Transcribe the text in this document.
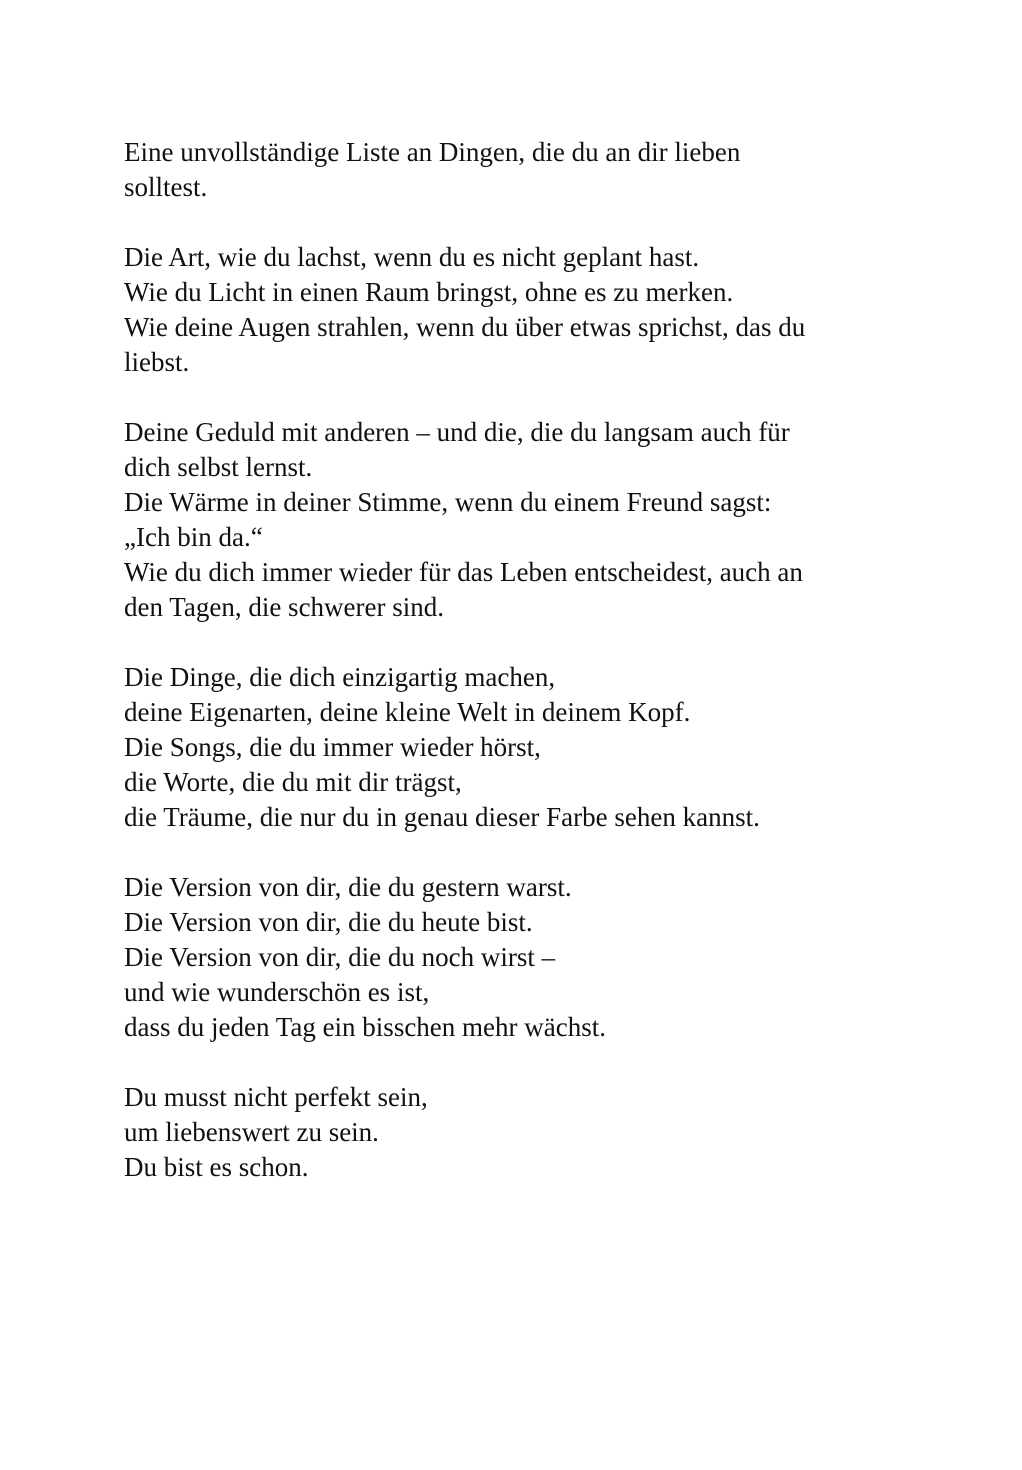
Eine unvollständige Liste an Dingen, die du an dir lieben
solltest.
Die Art, wie du lachst, wenn du es nicht geplant hast.
Wie du Licht in einen Raum bringst, ohne es zu merken.
Wie deine Augen strahlen, wenn du über etwas sprichst, das du
liebst.
Deine Geduld mit anderen – und die, die du langsam auch für
dich selbst lernst.
Die Wärme in deiner Stimme, wenn du einem Freund sagst:
„Ich bin da.“
Wie du dich immer wieder für das Leben entscheidest, auch an
den Tagen, die schwerer sind.
Die Dinge, die dich einzigartig machen,
deine Eigenarten, deine kleine Welt in deinem Kopf.
Die Songs, die du immer wieder hörst,
die Worte, die du mit dir trägst,
die Träume, die nur du in genau dieser Farbe sehen kannst.
Die Version von dir, die du gestern warst.
Die Version von dir, die du heute bist.
Die Version von dir, die du noch wirst –
und wie wunderschön es ist,
dass du jeden Tag ein bisschen mehr wächst.
Du musst nicht perfekt sein,
um liebenswert zu sein.
Du bist es schon.
